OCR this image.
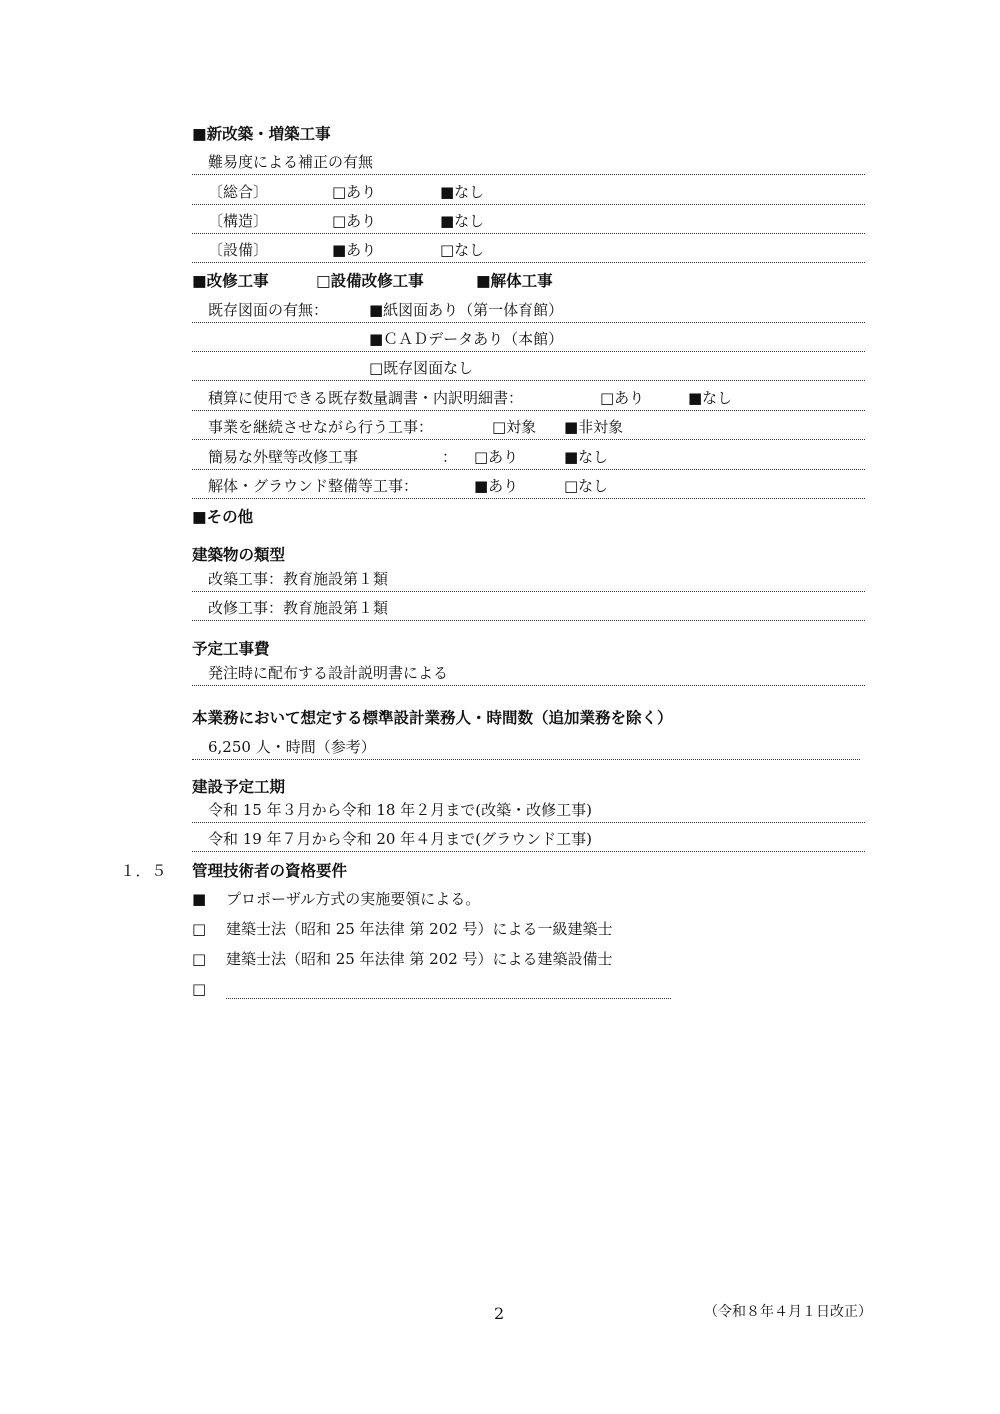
■新改築・増築工事
難易度による補正の有無
〔総合〕	□あり	■なし
〔構造〕	□あり	■なし
〔設備〕	■あり	□なし
■改修工事	□設備改修工事	■解体工事
既存図面の有無：	■紙図面あり（第一体育館）
■ＣＡＤデータあり（本館）
□既存図面なし
積算に使用できる既存数量調書・内訳明細書：	□あり	■なし
事業を継続させながら行う工事：	□対象 ■非対象
簡易な外壁等改修工事	： □あり	■なし
解体・グラウンド整備等工事：	■あり	□なし
■その他
建築物の類型
改築工事：教育施設第１類
改修工事：教育施設第１類
予定工事費
発注時に配布する設計説明書による
本業務において想定する標準設計業務人・時間数（追加業務を除く）
6,250 人・時間（参考）
建設予定工期
令和 15 年３月から令和 18 年２月まで(改築・改修工事)
令和 19 年７月から令和 20 年４月まで(グラウンド工事)
１．５ 管理技術者の資格要件
■ プロポーザル方式の実施要領による。
□ 建築士法（昭和 25 年法律 第 202 号）による一級建築士
□ 建築士法（昭和 25 年法律 第 202 号）による建築設備士
□
2	（令和８年４月１日改正）
